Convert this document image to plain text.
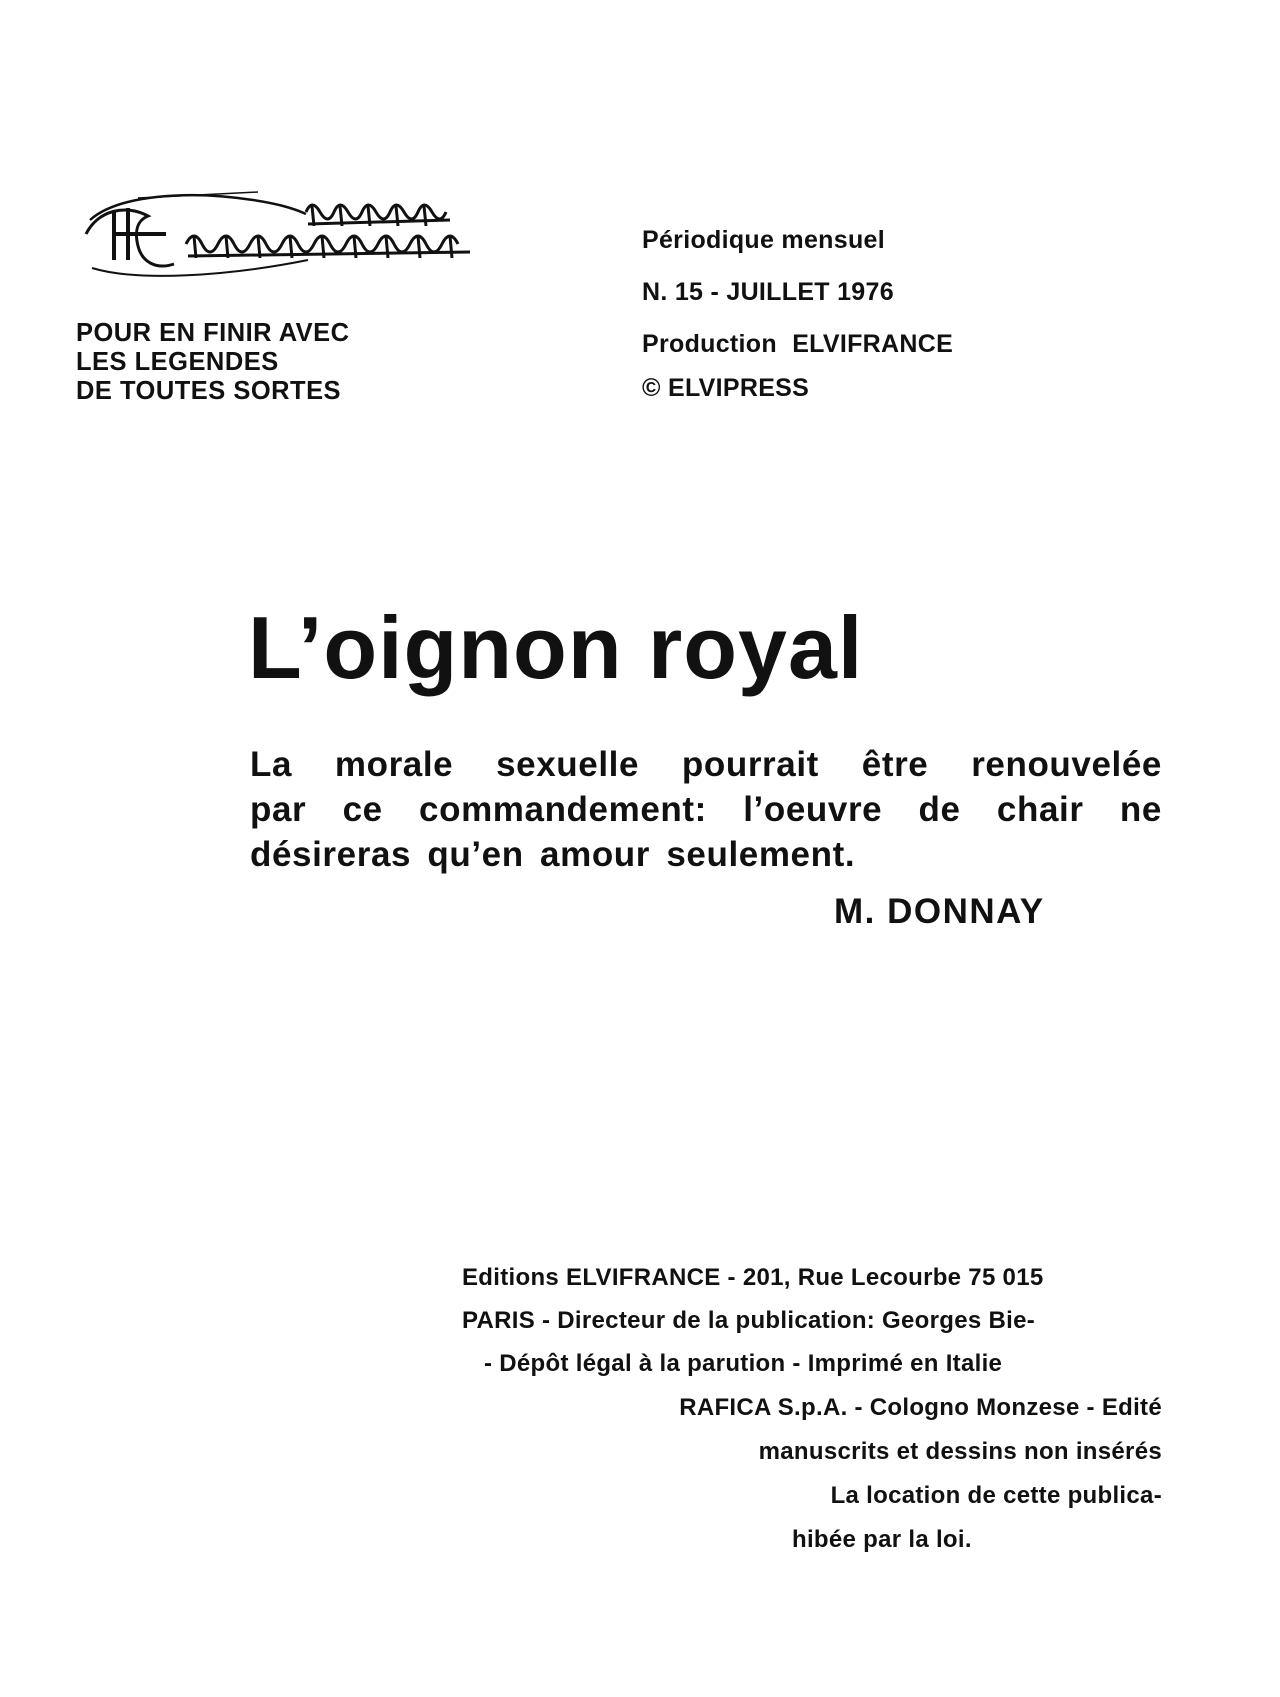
POUR EN FINIR AVEC
LES LEGENDES
DE TOUTES SORTES
Périodique mensuel
N. 15 - JUILLET 1976
Production ELVIFRANCE
© ELVIPRESS
L’oignon royal
La morale sexuelle pourrait être renouvelée
par ce commandement: l’oeuvre de chair ne
désireras qu’en amour seulement.
M. DONNAY
Editions ELVIFRANCE - 201, Rue Lecourbe 75 015
PARIS - Directeur de la publication: Georges Bie-
- Dépôt légal à la parution - Imprimé en Italie
RAFICA S.p.A. - Cologno Monzese - Edité
manuscrits et dessins non insérés
La location de cette publica-
hibée par la loi.
